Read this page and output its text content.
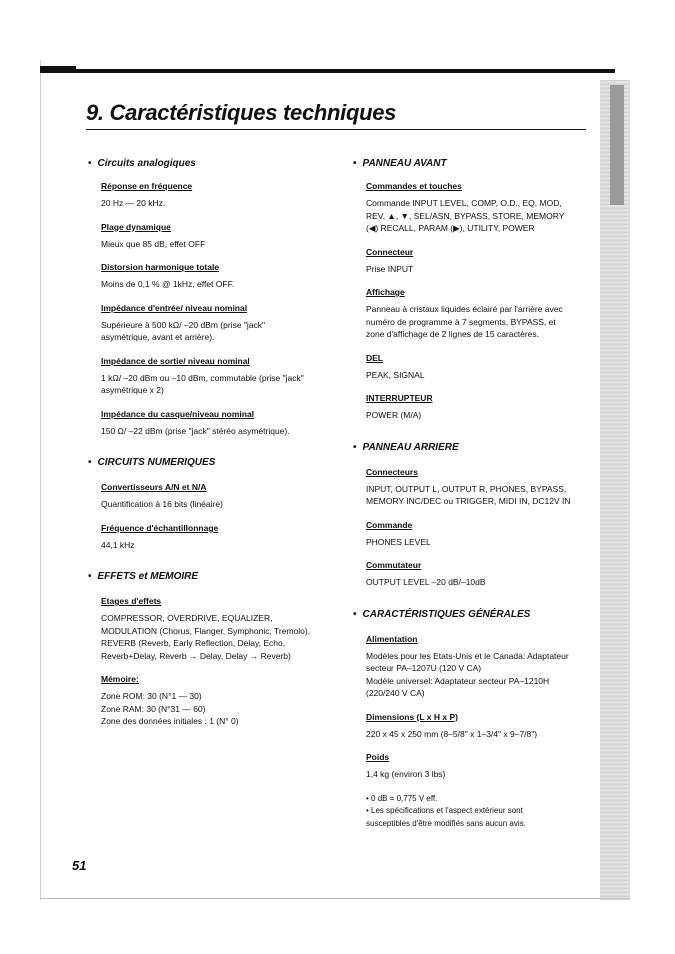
9. Caractéristiques techniques
• Circuits analogiques
Réponse en fréquence
20 Hz — 20 kHz.
Plage dynamique
Mieux que 85 dB, effet OFF
Distorsion harmonique totale
Moins de 0,1 % @ 1kHz, effet OFF.
Impédance d'entrée/ niveau nominal
Supérieure à 500 kΩ/ –20 dBm (prise "jack"
asymétrique, avant et arrière).
Impédance de sortie/ niveau nominal
1 kΩ/ –20 dBm ou –10 dBm, commutable (prise "jack"
asymétrique x 2)
Impédance du casque/niveau nominal
150 Ω/ –22 dBm (prise "jack" stéréo asymétrique).
• CIRCUITS NUMERIQUES
Convertisseurs A/N et N/A
Quantification à 16 bits (linéaire)
Fréquence d'échantillonnage
44,1 kHz
• EFFETS et MEMOIRE
Etages d'effets
COMPRESSOR, OVERDRIVE, EQUALIZER,
MODULATION (Chorus, Flanger, Symphonic, Tremolo),
REVERB (Reverb, Early Reflection, Delay, Echo,
Reverb+Delay, Reverb → Delay, Delay → Reverb)
Mémoire:
Zone ROM: 30 (N°1 — 30)
Zone RAM: 30 (N°31 — 60)
Zone des données initiales : 1 (N° 0)
• PANNEAU AVANT
Commandes et touches
Commande INPUT LEVEL, COMP, O.D., EQ, MOD,
REV, ▲, ▼, SEL/ASN, BYPASS, STORE, MEMORY
(◀) RECALL, PARAM (▶), UTILITY, POWER
Connecteur
Prise INPUT
Affichage
Panneau à cristaux liquides éclairé par l'arrière avec
numéro de programme à 7 segments, BYPASS, et
zone d'affichage de 2 lignes de 15 caractères.
DEL
PEAK, SIGNAL
INTERRUPTEUR
POWER (M/A)
• PANNEAU ARRIERE
Connecteurs
INPUT, OUTPUT L, OUTPUT R, PHONES, BYPASS,
MEMORY INC/DEC ou TRIGGER, MIDI IN, DC12V IN
Commande
PHONES LEVEL
Commutateur
OUTPUT LEVEL –20 dB/–10dB
• CARACTÉRISTIQUES GÉNÉRALES
Alimentation
Modèles pour les Etats-Unis et le Canada: Adaptateur
secteur PA–1207U (120 V CA)
Modèle universel: Adaptateur secteur PA–1210H
(220/240 V CA)
Dimensions (L x H x P)
220 x 45 x 250 mm (8–5/8" x 1–3/4" x 9–7/8")
Poids
1,4 kg (environ 3 lbs)
• 0 dB = 0,775 V eff.
• Les spécifications et l'aspect extérieur sont
susceptibles d'être modifiés sans aucun avis.
51
